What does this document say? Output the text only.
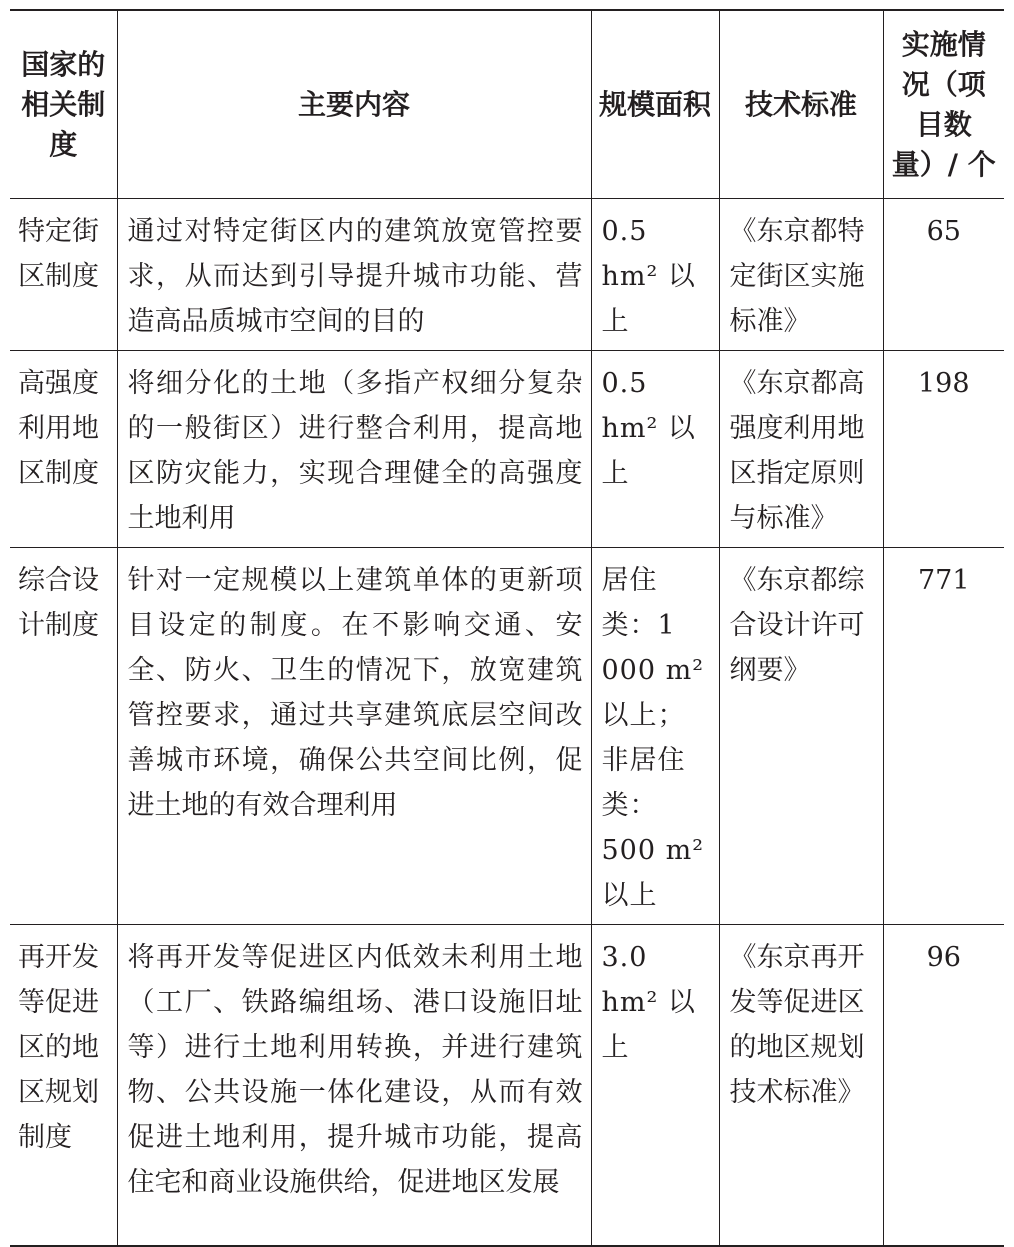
国家的相关制度	主要内容	规模面积	技术标准	实施情况（项目数量）/ 个
特定街区制度	通过对特定街区内的建筑放宽管控要求，从而达到引导提升城市功能、营造高品质城市空间的目的	0.5 hm² 以上	《东京都特定街区实施标准》	65
高强度利用地区制度	将细分化的土地（多指产权细分复杂的一般街区）进行整合利用，提高地区防灾能力，实现合理健全的高强度土地利用	0.5 hm² 以上	《东京都高强度利用地区指定原则与标准》	198
综合设计制度	针对一定规模以上建筑单体的更新项目设定的制度。在不影响交通、安全、防火、卫生的情况下，放宽建筑管控要求，通过共享建筑底层空间改善城市环境，确保公共空间比例，促进土地的有效合理利用	居住类：1 000 m² 以上；非居住类：500 m² 以上	《东京都综合设计许可纲要》	771
再开发等促进区的地区规划制度	将再开发等促进区内低效未利用土地（工厂、铁路编组场、港口设施旧址等）进行土地利用转换，并进行建筑物、公共设施一体化建设，从而有效促进土地利用，提升城市功能，提高住宅和商业设施供给，促进地区发展	3.0 hm² 以上	《东京再开发等促进区的地区规划技术标准》	96
